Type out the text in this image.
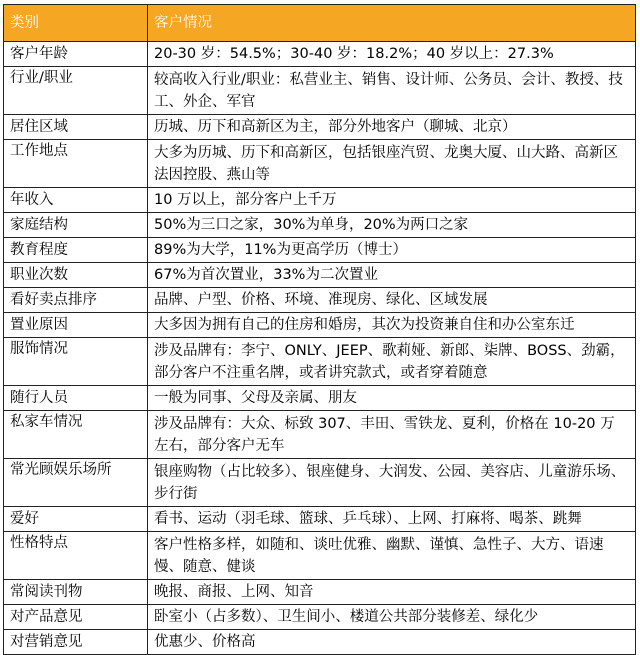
类别	客户情况
客户年龄	20-30 岁：54.5%；30-40 岁：18.2%；40 岁以上：27.3%
行业/职业	较高收入行业/职业：私营业主、销售、设计师、公务员、会计、教授、技工、外企、军官
居住区域	历城、历下和高新区为主，部分外地客户（聊城、北京）
工作地点	大多为历城、历下和高新区，包括银座汽贸、龙奥大厦、山大路、高新区法因控股、燕山等
年收入	10 万以上，部分客户上千万
家庭结构	50%为三口之家，30%为单身，20%为两口之家
教育程度	89%为大学，11%为更高学历（博士）
职业次数	67%为首次置业，33%为二次置业
看好卖点排序	品牌、户型、价格、环境、准现房、绿化、区域发展
置业原因	大多因为拥有自己的住房和婚房，其次为投资兼自住和办公室东迁
服饰情况	涉及品牌有：李宁、ONLY、JEEP、歌莉娅、新郎、柒牌、BOSS、劲霸，部分客户不注重名牌，或者讲究款式，或者穿着随意
随行人员	一般为同事、父母及亲属、朋友
私家车情况	涉及品牌有：大众、标致 307、丰田、雪铁龙、夏利，价格在 10-20 万左右，部分客户无车
常光顾娱乐场所	银座购物（占比较多）、银座健身、大润发、公园、美容店、儿童游乐场、步行街
爱好	看书、运动（羽毛球、篮球、乒乓球）、上网、打麻将、喝茶、跳舞
性格特点	客户性格多样，如随和、谈吐优雅、幽默、谨慎、急性子、大方、语速慢、随意、健谈
常阅读刊物	晚报、商报、上网、知音
对产品意见	卧室小（占多数）、卫生间小、楼道公共部分装修差、绿化少
对营销意见	优惠少、价格高
